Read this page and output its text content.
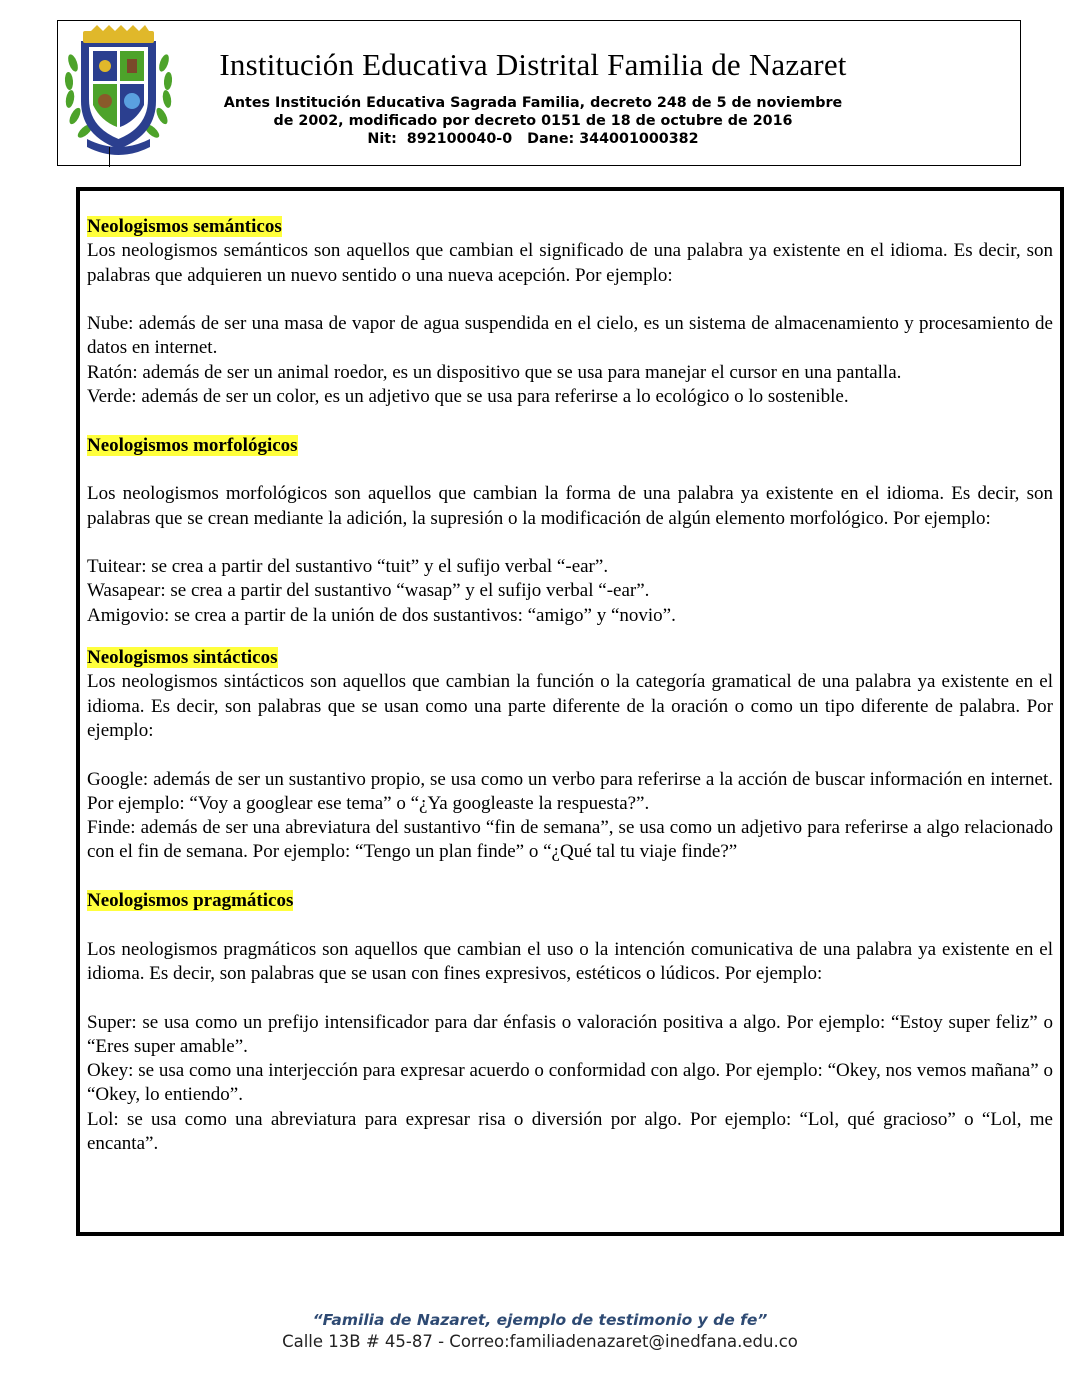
Institución Educativa Distrital Familia de Nazaret
Antes Institución Educativa Sagrada Familia, decreto 248 de 5 de noviembre
de 2002, modificado por decreto 0151 de 18 de octubre de 2016
Nit:  892100040-0   Dane: 344001000382

Neologismos semánticos

Los neologismos semánticos son aquellos que cambian el significado de una palabra ya existente en el idioma. Es decir, son palabras que adquieren un nuevo sentido o una nueva acepción. Por ejemplo:

Nube: además de ser una masa de vapor de agua suspendida en el cielo, es un sistema de almacenamiento y procesamiento de datos en internet.

Ratón: además de ser un animal roedor, es un dispositivo que se usa para manejar el cursor en una pantalla.

Verde: además de ser un color, es un adjetivo que se usa para referirse a lo ecológico o lo sostenible.

Neologismos morfológicos

Los neologismos morfológicos son aquellos que cambian la forma de una palabra ya existente en el idioma. Es decir, son palabras que se crean mediante la adición, la supresión o la modificación de algún elemento morfológico. Por ejemplo:

Tuitear: se crea a partir del sustantivo “tuit” y el sufijo verbal “-ear”.

Wasapear: se crea a partir del sustantivo “wasap” y el sufijo verbal “-ear”.

Amigovio: se crea a partir de la unión de dos sustantivos: “amigo” y “novio”.

Neologismos sintácticos

Los neologismos sintácticos son aquellos que cambian la función o la categoría gramatical de una palabra ya existente en el idioma. Es decir, son palabras que se usan como una parte diferente de la oración o como un tipo diferente de palabra. Por ejemplo:

Google: además de ser un sustantivo propio, se usa como un verbo para referirse a la acción de buscar información en internet. Por ejemplo: “Voy a googlear ese tema” o “¿Ya googleaste la respuesta?”.

Finde: además de ser una abreviatura del sustantivo “fin de semana”, se usa como un adjetivo para referirse a algo relacionado con el fin de semana. Por ejemplo: “Tengo un plan finde” o “¿Qué tal tu viaje finde?”

Neologismos pragmáticos

Los neologismos pragmáticos son aquellos que cambian el uso o la intención comunicativa de una palabra ya existente en el idioma. Es decir, son palabras que se usan con fines expresivos, estéticos o lúdicos. Por ejemplo:

Super: se usa como un prefijo intensificador para dar énfasis o valoración positiva a algo. Por ejemplo: “Estoy super feliz” o “Eres super amable”.

Okey: se usa como una interjección para expresar acuerdo o conformidad con algo. Por ejemplo: “Okey, nos vemos mañana” o “Okey, lo entiendo”.

Lol: se usa como una abreviatura para expresar risa o diversión por algo. Por ejemplo: “Lol, qué gracioso” o “Lol, me encanta”.

“Familia de Nazaret, ejemplo de testimonio y de fe”
Calle 13B # 45-87 - Correo:familiadenazaret@inedfana.edu.co
